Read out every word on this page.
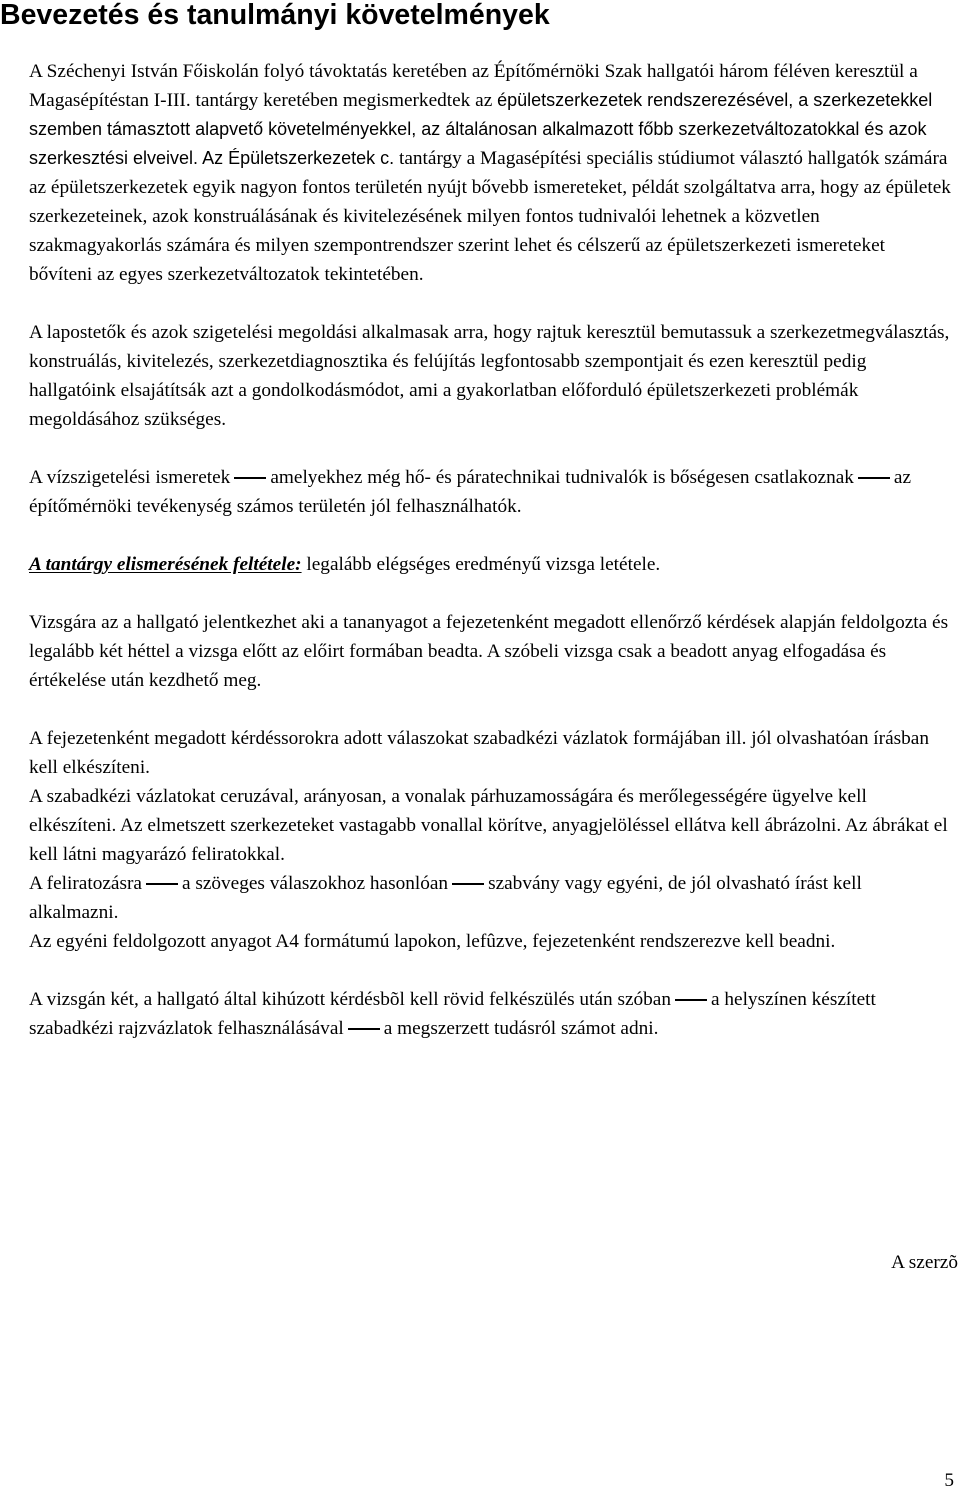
Bevezetés és tanulmányi követelmények

A Széchenyi István Főiskolán folyó távoktatás keretében az Építőmérnöki Szak hallgatói három féléven keresztül a Magasépítéstan I-III. tantárgy keretében megismerkedtek az épületszerkezetek rendszerezésével, a szerkezetekkel szemben támasztott alapvető követelményekkel, az általánosan alkalmazott főbb szerkezetváltozatokkal és azok szerkesztési elveivel. Az Épületszerkezetek c. tantárgy a Magasépítési speciális stúdiumot választó hallgatók számára az épületszerkezetek egyik nagyon fontos területén nyújt bővebb ismereteket, példát szolgáltatva arra, hogy az épületek szerkezeteinek, azok konstruálásának és kivitelezésének milyen fontos tudnivalói lehetnek a közvetlen szakmagyakorlás számára és milyen szempontrendszer szerint lehet és célszerű az épületszerkezeti ismereteket bővíteni az egyes szerkezetváltozatok tekintetében.

A lapostetők és azok szigetelési megoldási alkalmasak arra, hogy rajtuk keresztül bemutassuk a szerkezetmegválasztás, konstruálás, kivitelezés, szerkezetdiagnosztika és felújítás legfontosabb szempontjait és ezen keresztül pedig hallgatóink elsajátítsák azt a gondolkodásmódot, ami a gyakorlatban előforduló épületszerkezeti problémák megoldásához szükséges.

A vízszigetelési ismeretek amelyekhez még hő- és páratechnikai tudnivalók is bőségesen csatlakoznak az építőmérnöki tevékenység számos területén jól felhasználhatók.

A tantárgy elismerésének feltétele: legalább elégséges eredményű vizsga letétele.

Vizsgára az a hallgató jelentkezhet aki a tananyagot a fejezetenként megadott ellenőrző kérdések alapján feldolgozta és legalább két héttel a vizsga előtt az előirt formában beadta. A szóbeli vizsga csak a beadott anyag elfogadása és értékelése után kezdhető meg.

A fejezetenként megadott kérdéssorokra adott válaszokat szabadkézi vázlatok formájában ill. jól olvashatóan írásban kell elkészíteni.

A szabadkézi vázlatokat ceruzával, arányosan, a vonalak párhuzamosságára és merőlegességére ügyelve kell elkészíteni. Az elmetszett szerkezeteket vastagabb vonallal körítve, anyagjelöléssel ellátva kell ábrázolni. Az ábrákat el kell látni magyarázó feliratokkal.

A feliratozásra a szöveges válaszokhoz hasonlóan szabvány vagy egyéni, de jól olvasható írást kell alkalmazni.

Az egyéni feldolgozott anyagot A4 formátumú lapokon, lefûzve, fejezetenként rendszerezve kell beadni.

A vizsgán két, a hallgató által kihúzott kérdésbõl kell rövid felkészülés után szóban a helyszínen készített szabadkézi rajzvázlatok felhasználásával a megszerzett tudásról számot adni.

A szerzõ
5
